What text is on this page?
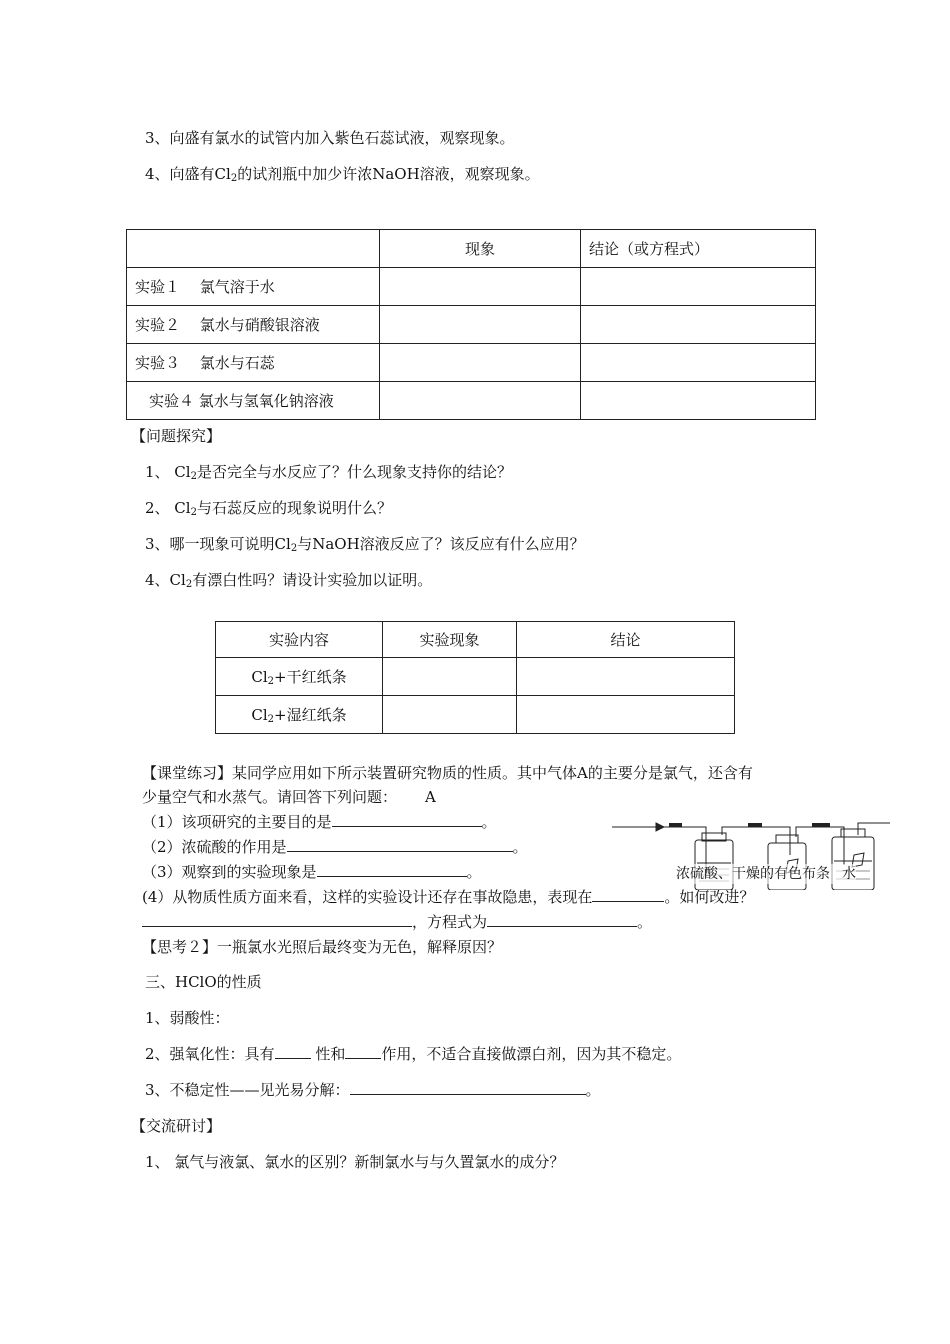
3、向盛有氯水的试管内加入紫色石蕊试液，观察现象。
4、向盛有$Cl_2$的试剂瓶中加少许浓NaOH溶液，观察现象。
	现象	结论（或方程式）
实验１　 氯气溶于水		
实验２　 氯水与硝酸银溶液		
实验３　 氯水与石蕊		
实验４ 氯水与氢氧化钠溶液		
【问题探究】
1、 $Cl_2$是否完全与水反应了？什么现象支持你的结论？
2、 $Cl_2$与石蕊反应的现象说明什么？
3、哪一现象可说明$Cl_2$与NaOH溶液反应了？该反应有什么应用？
4、$Cl_2$有漂白性吗？请设计实验加以证明。
实验内容	实验现象	结论
$Cl_2+$干红纸条		
$Cl_2+$湿红纸条		
【课堂练习】某同学应用如下所示装置研究物质的性质。其中气体A的主要分是氯气，还含有
少量空气和水蒸气。请回答下列问题： A
（1）该项研究的主要目的是	。
（2）浓硫酸的作用是	。
（3）观察到的实验现象是	。
(4）从物质性质方面来看，这样的实验设计还存在事故隐患，表现在	。如何改进？
，方程式为	。
浓硫酸、干燥的有色布条 水
【思考２】一瓶氯水光照后最终变为无色，解释原因？
三、HClO的性质
1、弱酸性：
2、强氧化性：具有 性和 作用，不适合直接做漂白剂，因为其不稳定。
3、不稳定性——见光易分解：	。
【交流研讨】
1、 氯气与液氯、氯水的区别？新制氯水与与久置氯水的成分？
